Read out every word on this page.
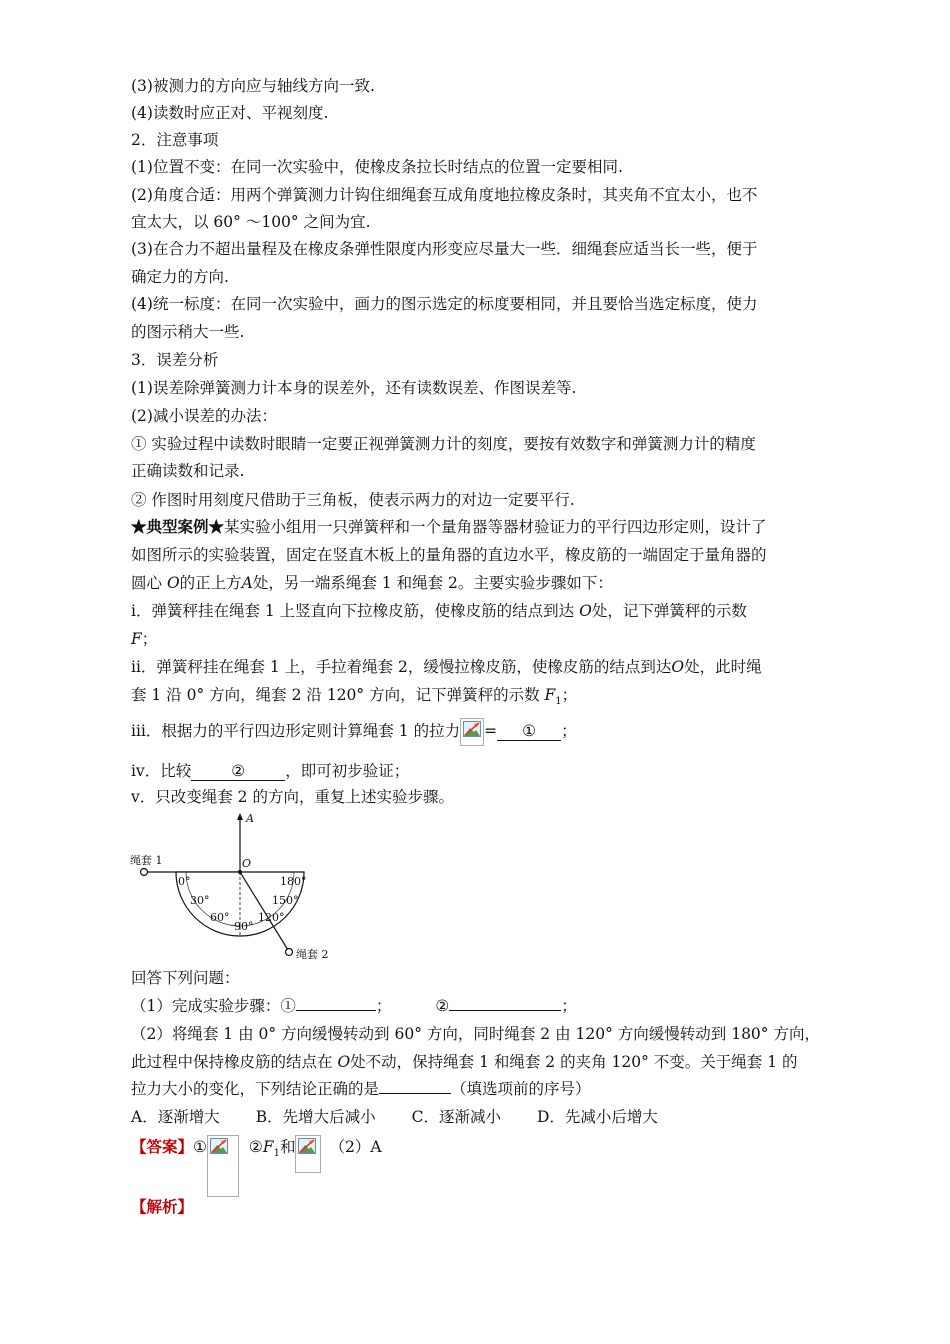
(3)被测力的方向应与轴线方向一致.
(4)读数时应正对、平视刻度.
2．注意事项
(1)位置不变：在同一次实验中，使橡皮条拉长时结点的位置一定要相同.
(2)角度合适：用两个弹簧测力计钩住细绳套互成角度地拉橡皮条时，其夹角不宜太小，也不
宜太大，以 60° ～100° 之间为宜.
(3)在合力不超出量程及在橡皮条弹性限度内形变应尽量大一些．细绳套应适当长一些，便于
确定力的方向.
(4)统一标度：在同一次实验中，画力的图示选定的标度要相同，并且要恰当选定标度，使力
的图示稍大一些.
3．误差分析
(1)误差除弹簧测力计本身的误差外，还有读数误差、作图误差等.
(2)减小误差的办法：
① 实验过程中读数时眼睛一定要正视弹簧测力计的刻度，要按有效数字和弹簧测力计的精度
正确读数和记录.
② 作图时用刻度尺借助于三角板，使表示两力的对边一定要平行.
★典型案例★某实验小组用一只弹簧秤和一个量角器等器材验证力的平行四边形定则，设计了
如图所示的实验装置，固定在竖直木板上的量角器的直边水平，橡皮筋的一端固定于量角器的
圆心 O的正上方A处，另一端系绳套 1 和绳套 2。主要实验步骤如下：
ⅰ．弹簧秤挂在绳套 1 上竖直向下拉橡皮筋，使橡皮筋的结点到达 O处，记下弹簧秤的示数
F；
ⅱ．弹簧秤挂在绳套 1 上，手拉着绳套 2，缓慢拉橡皮筋，使橡皮筋的结点到达O处，此时绳
套 1 沿 0° 方向，绳套 2 沿 120° 方向，记下弹簧秤的示数 $F_1$；
ⅲ．根据力的平行四边形定则计算绳套 1 的拉力 = ① ；
ⅳ．比较	②	，即可初步验证；
ⅴ．只改变绳套 2 的方向，重复上述实验步骤。
绳套 1
A
O
0°
30°
60°
90°
120°
150°
180°
绳套 2
回答下列问题：
（1）完成实验步骤：①	；	②	；
（2）将绳套 1 由 0° 方向缓慢转动到 60° 方向，同时绳套 2 由 120° 方向缓慢转动到 180° 方向，
此过程中保持橡皮筋的结点在 O处不动，保持绳套 1 和绳套 2 的夹角 120° 不变。关于绳套 1 的
拉力大小的变化，下列结论正确的是	（填选项前的序号）
A．逐渐增大 B．先增大后减小 C．逐渐减小 D．先减小后增大
【答案】①	$②F_1$和 （2）A
【解析】
